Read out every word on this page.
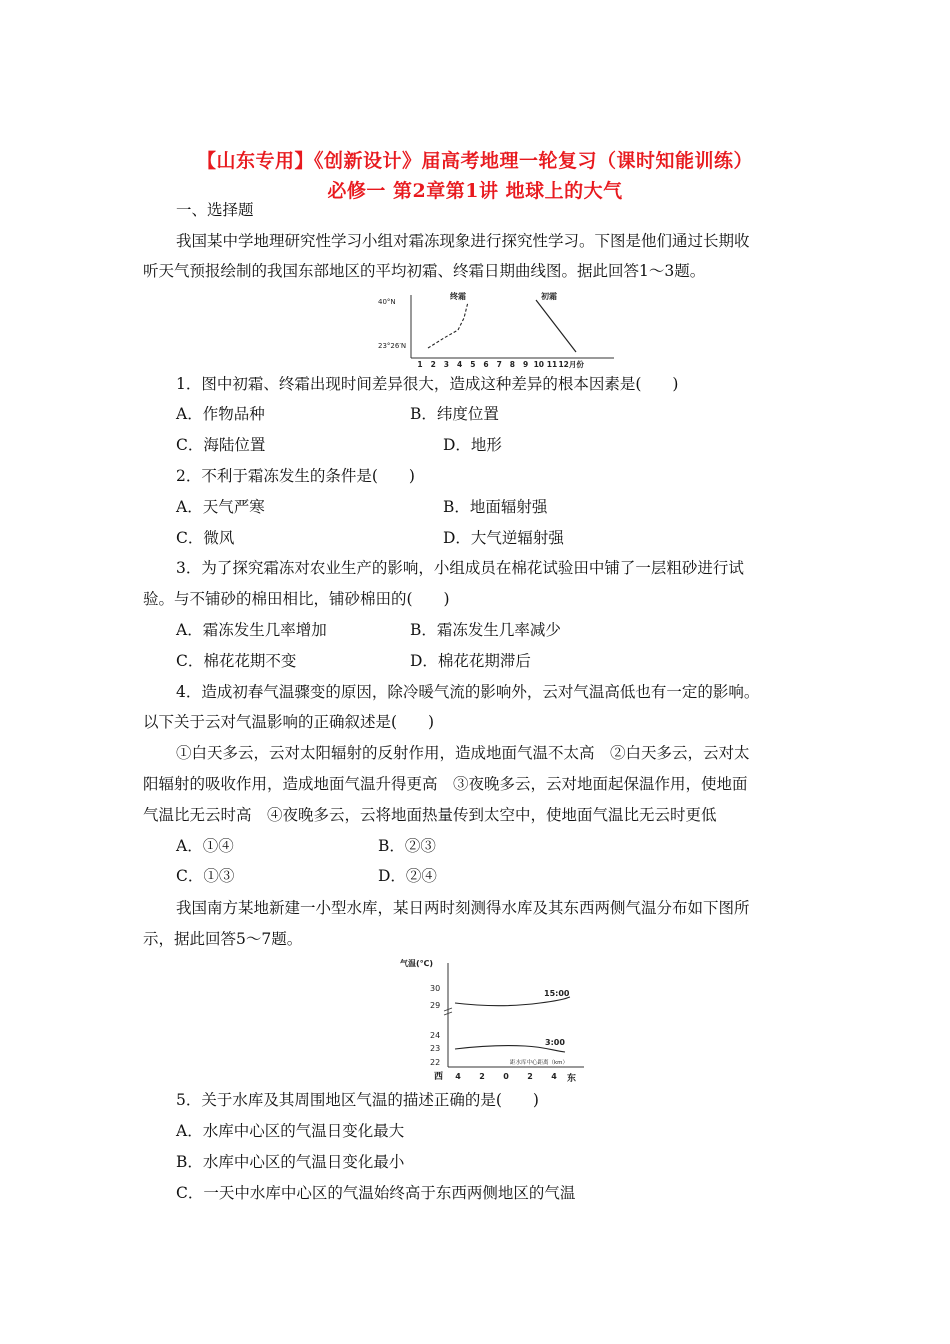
【山东专用】《创新设计》届高考地理一轮复习（课时知能训练）
必修一 第2章第1讲 地球上的大气
一、选择题
我国某中学地理研究性学习小组对霜冻现象进行探究性学习。下图是他们通过长期收
听天气预报绘制的我国东部地区的平均初霜、终霜日期曲线图。据此回答1～3题。
40°N
23°26′N
终霜	初霜
1 2 3 4 5 6 7 8 9 10 11 12月份
1．图中初霜、终霜出现时间差异很大，造成这种差异的根本因素是(　　)
A．作物品种	B．纬度位置
C．海陆位置	D．地形
2．不利于霜冻发生的条件是(　　)
A．天气严寒	B．地面辐射强
C．微风	D．大气逆辐射强
3．为了探究霜冻对农业生产的影响，小组成员在棉花试验田中铺了一层粗砂进行试
验。与不铺砂的棉田相比，铺砂棉田的(　　)
A．霜冻发生几率增加	B．霜冻发生几率减少
C．棉花花期不变	D．棉花花期滞后
4．造成初春气温骤变的原因，除冷暖气流的影响外，云对气温高低也有一定的影响。
以下关于云对气温影响的正确叙述是(　　)
①白天多云，云对太阳辐射的反射作用，造成地面气温不太高　②白天多云，云对太
阳辐射的吸收作用，造成地面气温升得更高　③夜晚多云，云对地面起保温作用，使地面
气温比无云时高　④夜晚多云，云将地面热量传到太空中，使地面气温比无云时更低
A．①④	B．②③
C．①③	D．②④
我国南方某地新建一小型水库，某日两时刻测得水库及其东西两侧气温分布如下图所
示，据此回答5～7题。
气温(℃)
30
29
24
23
22
15:00
3:00
距水库中心距离（km）
西	东
4 2 0 2 4
5．关于水库及其周围地区气温的描述正确的是(　　)
A．水库中心区的气温日变化最大
B．水库中心区的气温日变化最小
C．一天中水库中心区的气温始终高于东西两侧地区的气温
